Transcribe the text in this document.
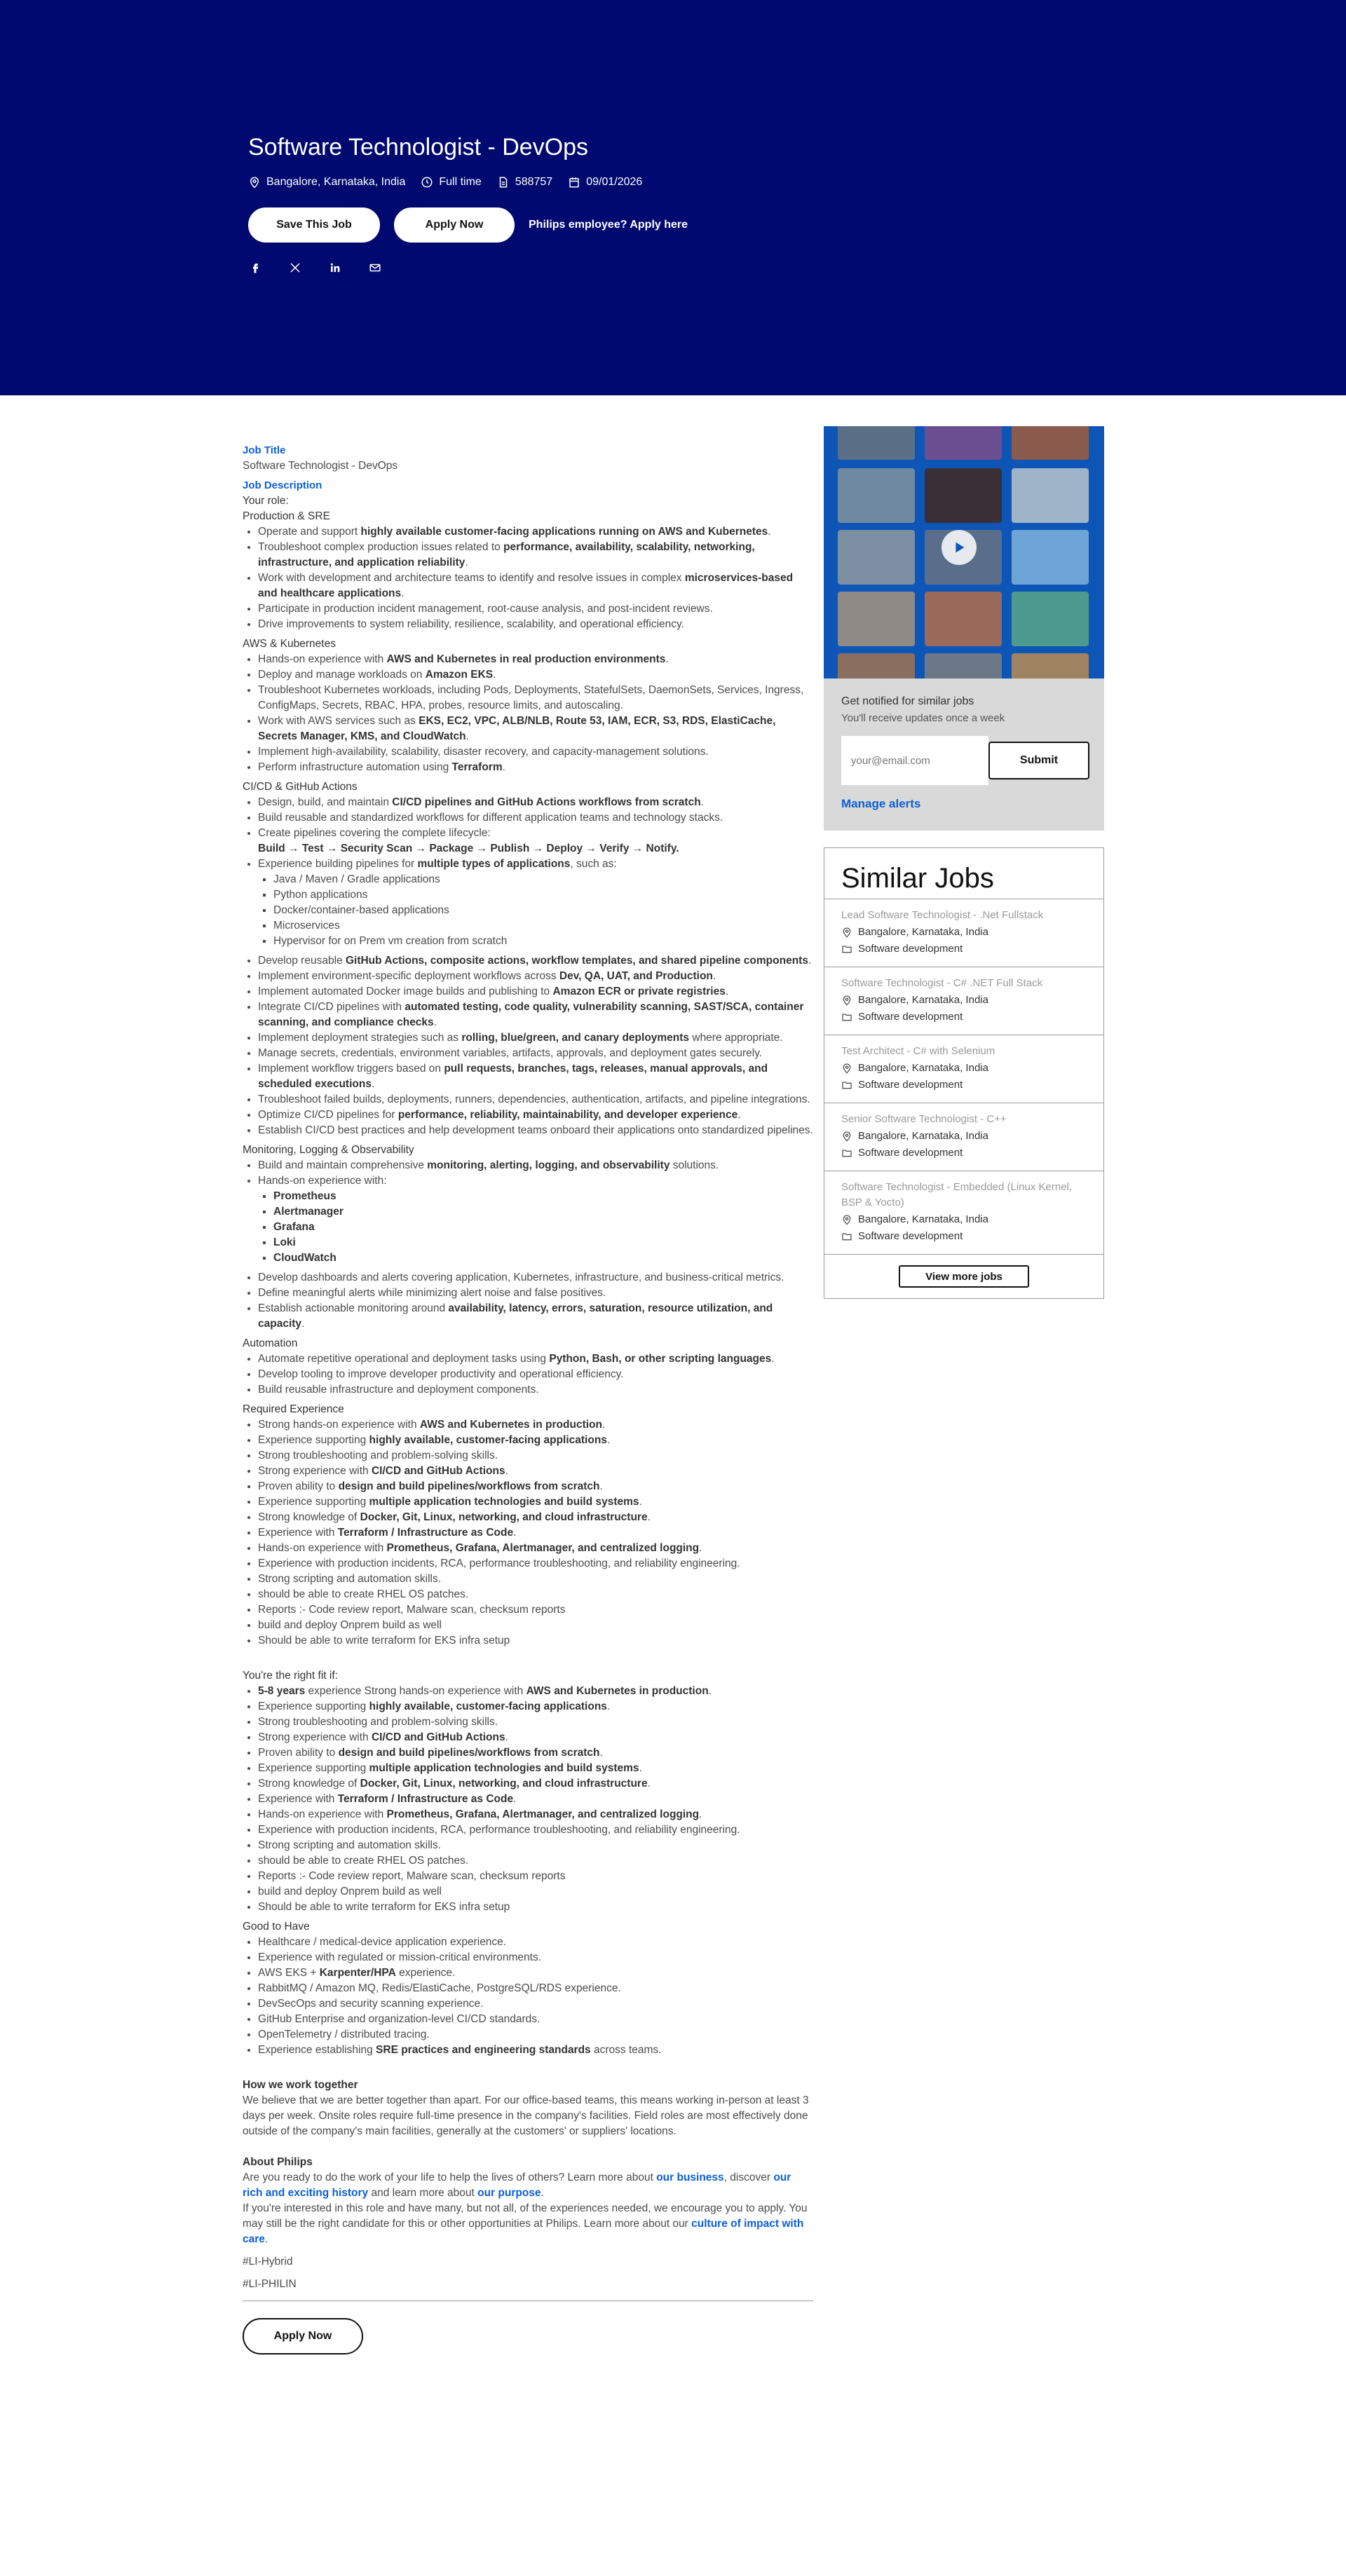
Software Technologist - DevOps
Bangalore, Karnataka, India	Full time	588757	09/01/2026
Save This Job	Apply Now	Philips employee? Apply here

Job Title

Software Technologist - DevOps

Job Description

Your role:

Production & SRE

• Operate and support highly available customer-facing applications running on AWS and Kubernetes.
• Troubleshoot complex production issues related to performance, availability, scalability, networking, infrastructure, and application reliability.
• Work with development and architecture teams to identify and resolve issues in complex microservices-based and healthcare applications.
• Participate in production incident management, root-cause analysis, and post-incident reviews.
• Drive improvements to system reliability, resilience, scalability, and operational efficiency.

AWS & Kubernetes

• Hands-on experience with AWS and Kubernetes in real production environments.
• Deploy and manage workloads on Amazon EKS.
• Troubleshoot Kubernetes workloads, including Pods, Deployments, StatefulSets, DaemonSets, Services, Ingress, ConfigMaps, Secrets, RBAC, HPA, probes, resource limits, and autoscaling.
• Work with AWS services such as EKS, EC2, VPC, ALB/NLB, Route 53, IAM, ECR, S3, RDS, ElastiCache, Secrets Manager, KMS, and CloudWatch.
• Implement high-availability, scalability, disaster recovery, and capacity-management solutions.
• Perform infrastructure automation using Terraform.

CI/CD & GitHub Actions

• Design, build, and maintain CI/CD pipelines and GitHub Actions workflows from scratch.
• Build reusable and standardized workflows for different application teams and technology stacks.
• Create pipelines covering the complete lifecycle:
Build → Test → Security Scan → Package → Publish → Deploy → Verify → Notify.
• Experience building pipelines for multiple types of applications, such as:
▪ Java / Maven / Gradle applications
▪ Python applications
▪ Docker/container-based applications
▪ Microservices
▪ Hypervisor for on Prem vm creation from scratch
• Develop reusable GitHub Actions, composite actions, workflow templates, and shared pipeline components.
• Implement environment-specific deployment workflows across Dev, QA, UAT, and Production.
• Implement automated Docker image builds and publishing to Amazon ECR or private registries.
• Integrate CI/CD pipelines with automated testing, code quality, vulnerability scanning, SAST/SCA, container scanning, and compliance checks.
• Implement deployment strategies such as rolling, blue/green, and canary deployments where appropriate.
• Manage secrets, credentials, environment variables, artifacts, approvals, and deployment gates securely.
• Implement workflow triggers based on pull requests, branches, tags, releases, manual approvals, and scheduled executions.
• Troubleshoot failed builds, deployments, runners, dependencies, authentication, artifacts, and pipeline integrations.
• Optimize CI/CD pipelines for performance, reliability, maintainability, and developer experience.
• Establish CI/CD best practices and help development teams onboard their applications onto standardized pipelines.

Monitoring, Logging & Observability

• Build and maintain comprehensive monitoring, alerting, logging, and observability solutions.
• Hands-on experience with:
▪ Prometheus
▪ Alertmanager
▪ Grafana
▪ Loki
▪ CloudWatch
• Develop dashboards and alerts covering application, Kubernetes, infrastructure, and business-critical metrics.
• Define meaningful alerts while minimizing alert noise and false positives.
• Establish actionable monitoring around availability, latency, errors, saturation, resource utilization, and capacity.

Automation

• Automate repetitive operational and deployment tasks using Python, Bash, or other scripting languages.
• Develop tooling to improve developer productivity and operational efficiency.
• Build reusable infrastructure and deployment components.

Required Experience

• Strong hands-on experience with AWS and Kubernetes in production.
• Experience supporting highly available, customer-facing applications.
• Strong troubleshooting and problem-solving skills.
• Strong experience with CI/CD and GitHub Actions.
• Proven ability to design and build pipelines/workflows from scratch.
• Experience supporting multiple application technologies and build systems.
• Strong knowledge of Docker, Git, Linux, networking, and cloud infrastructure.
• Experience with Terraform / Infrastructure as Code.
• Hands-on experience with Prometheus, Grafana, Alertmanager, and centralized logging.
• Experience with production incidents, RCA, performance troubleshooting, and reliability engineering.
• Strong scripting and automation skills.
• should be able to create RHEL OS patches.
• Reports :- Code review report, Malware scan, checksum reports
• build and deploy Onprem build as well
• Should be able to write terraform for EKS infra setup

You're the right fit if:

• 5-8 years experience Strong hands-on experience with AWS and Kubernetes in production.
• Experience supporting highly available, customer-facing applications.
• Strong troubleshooting and problem-solving skills.
• Strong experience with CI/CD and GitHub Actions.
• Proven ability to design and build pipelines/workflows from scratch.
• Experience supporting multiple application technologies and build systems.
• Strong knowledge of Docker, Git, Linux, networking, and cloud infrastructure.
• Experience with Terraform / Infrastructure as Code.
• Hands-on experience with Prometheus, Grafana, Alertmanager, and centralized logging.
• Experience with production incidents, RCA, performance troubleshooting, and reliability engineering.
• Strong scripting and automation skills.
• should be able to create RHEL OS patches.
• Reports :- Code review report, Malware scan, checksum reports
• build and deploy Onprem build as well
• Should be able to write terraform for EKS infra setup

Good to Have

• Healthcare / medical-device application experience.
• Experience with regulated or mission-critical environments.
• AWS EKS + Karpenter/HPA experience.
• RabbitMQ / Amazon MQ, Redis/ElastiCache, PostgreSQL/RDS experience.
• DevSecOps and security scanning experience.
• GitHub Enterprise and organization-level CI/CD standards.
• OpenTelemetry / distributed tracing.
• Experience establishing SRE practices and engineering standards across teams.

How we work together

We believe that we are better together than apart. For our office-based teams, this means working in-person at least 3 days per week. Onsite roles require full-time presence in the company's facilities. Field roles are most effectively done outside of the company's main facilities, generally at the customers' or suppliers' locations.

About Philips

Are you ready to do the work of your life to help the lives of others? Learn more about our business, discover our rich and exciting history and learn more about our purpose.

If you're interested in this role and have many, but not all, of the experiences needed, we encourage you to apply. You may still be the right candidate for this or other opportunities at Philips. Learn more about our culture of impact with care.

#LI-Hybrid

#LI-PHILIN

Apply Now

Get notified for similar jobs

You'll receive updates once a week

your@email.com
Submit
Manage alerts
Similar Jobs
Lead Software Technologist - .Net Fullstack
Bangalore, Karnataka, India
Software development
Software Technologist - C# .NET Full Stack
Bangalore, Karnataka, India
Software development
Test Architect - C# with Selenium
Bangalore, Karnataka, India
Software development
Senior Software Technologist - C++
Bangalore, Karnataka, India
Software development
Software Technologist - Embedded (Linux Kernel, BSP & Yocto)
Bangalore, Karnataka, India
Software development
View more jobs
